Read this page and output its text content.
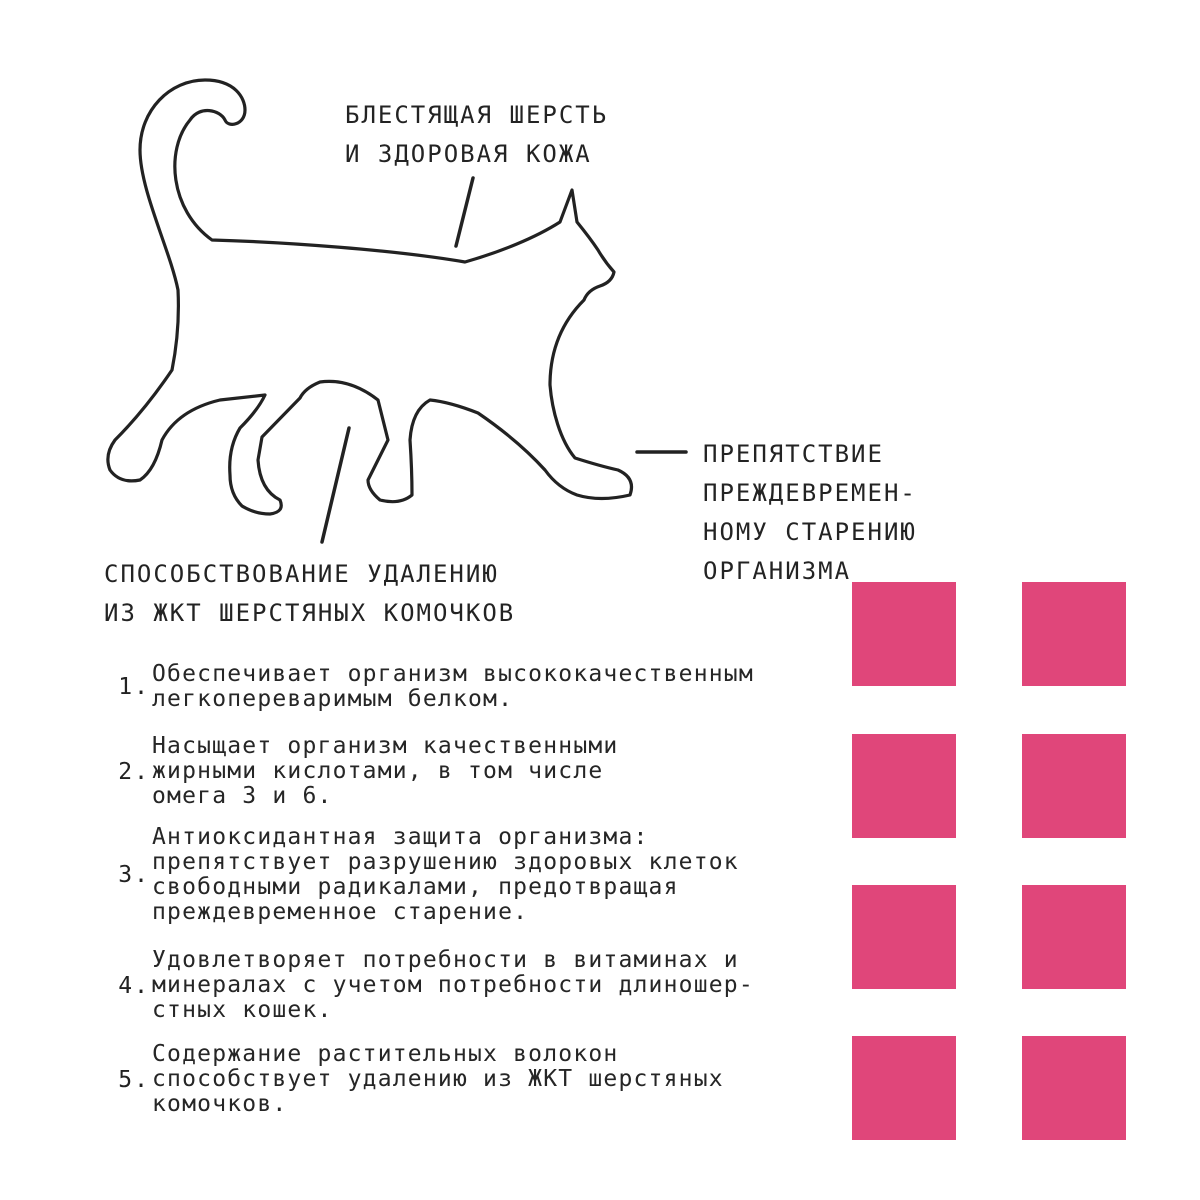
БЛЕСТЯЩАЯ ШЕРСТЬ
И ЗДОРОВАЯ КОЖА

ПРЕПЯТСТВИЕ
ПРЕЖДЕВРЕМЕН-
НОМУ СТАРЕНИЮ
ОРГАНИЗМА

СПОСОБСТВОВАНИЕ УДАЛЕНИЮ
ИЗ ЖКТ ШЕРСТЯНЫХ КОМОЧКОВ

1. Обеспечивает организм высококачественным
легкопереваримым белком.
2.
Насыщает организм качественными
жирными кислотами, в том числе
омега 3 и 6.
3.
Антиоксидантная защита организма:
препятствует разрушению здоровых клеток
свободными радикалами, предотвращая
преждевременное старение.
4.
Удовлетворяет потребности в витаминах и
минералах с учетом потребности длиношер-
стных кошек.
5.
Содержание растительных волокон
способствует удалению из ЖКТ шерстяных
комочков.
